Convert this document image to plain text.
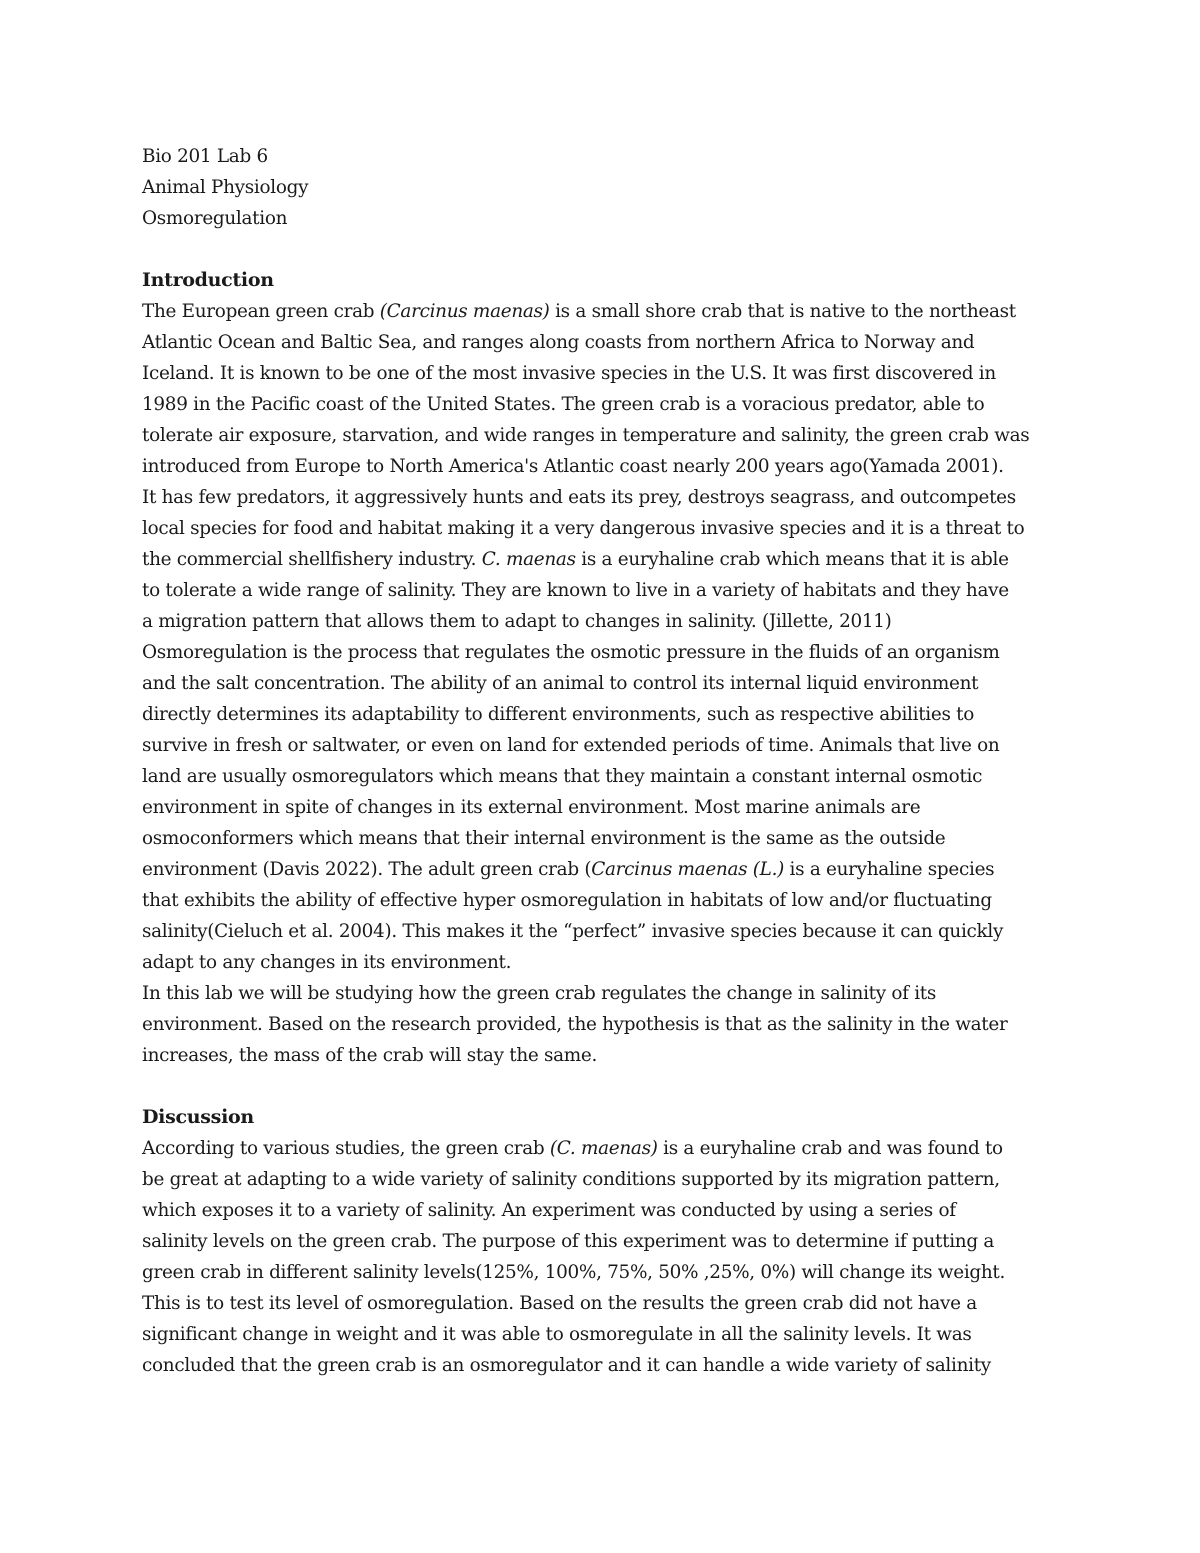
Bio 201 Lab 6
Animal Physiology
Osmoregulation
Introduction
The European green crab (Carcinus maenas) is a small shore crab that is native to the northeast
Atlantic Ocean and Baltic Sea, and ranges along coasts from northern Africa to Norway and
Iceland. It is known to be one of the most invasive species in the U.S. It was first discovered in
1989 in the Pacific coast of the United States. The green crab is a voracious predator, able to
tolerate air exposure, starvation, and wide ranges in temperature and salinity, the green crab was
introduced from Europe to North America's Atlantic coast nearly 200 years ago(Yamada 2001).
It has few predators, it aggressively hunts and eats its prey, destroys seagrass, and outcompetes
local species for food and habitat making it a very dangerous invasive species and it is a threat to
the commercial shellfishery industry. C. maenas is a euryhaline crab which means that it is able
to tolerate a wide range of salinity. They are known to live in a variety of habitats and they have
a migration pattern that allows them to adapt to changes in salinity. (Jillette, 2011)
Osmoregulation is the process that regulates the osmotic pressure in the fluids of an organism
and the salt concentration. The ability of an animal to control its internal liquid environment
directly determines its adaptability to different environments, such as respective abilities to
survive in fresh or saltwater, or even on land for extended periods of time. Animals that live on
land are usually osmoregulators which means that they maintain a constant internal osmotic
environment in spite of changes in its external environment. Most marine animals are
osmoconformers which means that their internal environment is the same as the outside
environment (Davis 2022). The adult green crab (Carcinus maenas (L.) is a euryhaline species
that exhibits the ability of effective hyper osmoregulation in habitats of low and/or fluctuating
salinity(Cieluch et al. 2004). This makes it the “perfect” invasive species because it can quickly
adapt to any changes in its environment.
In this lab we will be studying how the green crab regulates the change in salinity of its
environment. Based on the research provided, the hypothesis is that as the salinity in the water
increases, the mass of the crab will stay the same.
Discussion
According to various studies, the green crab (C. maenas) is a euryhaline crab and was found to
be great at adapting to a wide variety of salinity conditions supported by its migration pattern,
which exposes it to a variety of salinity. An experiment was conducted by using a series of
salinity levels on the green crab. The purpose of this experiment was to determine if putting a
green crab in different salinity levels(125%, 100%, 75%, 50% ,25%, 0%) will change its weight.
This is to test its level of osmoregulation. Based on the results the green crab did not have a
significant change in weight and it was able to osmoregulate in all the salinity levels. It was
concluded that the green crab is an osmoregulator and it can handle a wide variety of salinity
